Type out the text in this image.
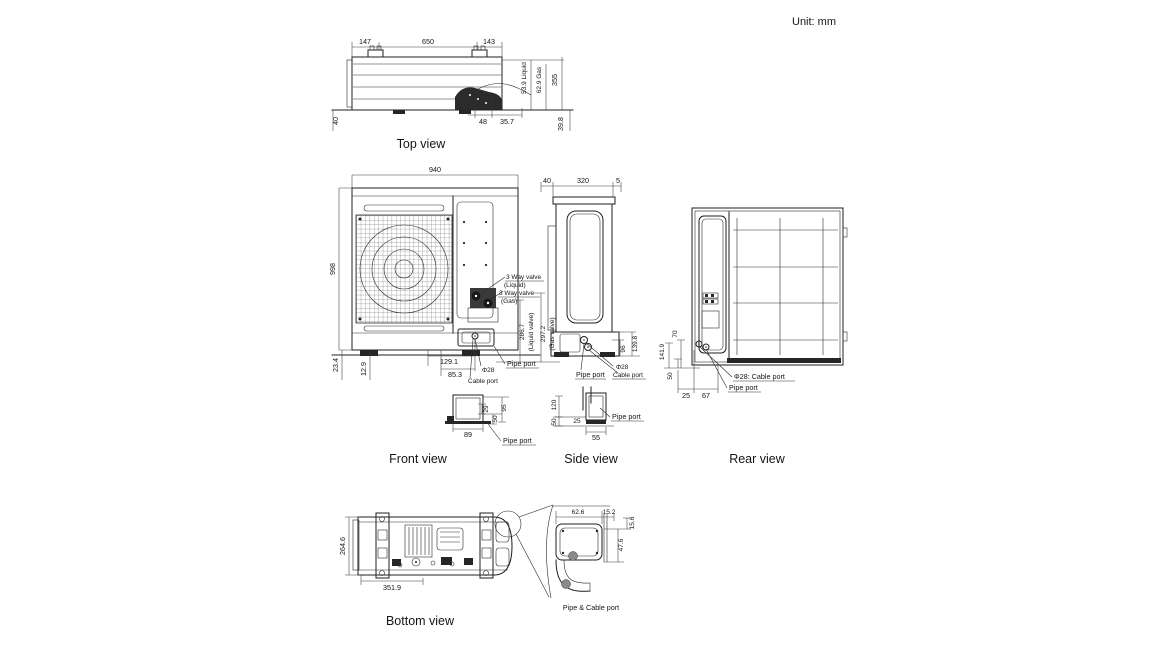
Unit: mm
147	650	143
53.9 Liquid 62.9 Gas 355
40	48 35.7	39.8
Top view
940
998
3 Way valve
(Liquid)
3 Way valve
(Gas)
286.7 (Liquid valve) 297.2 (Gas valve)
129.1
85.3	Φ28
Cable port
Pipe port
23.4	12.9
Front view
29
50
95
89
Pipe port
40	320	5
96 139.8
Pipe port
Φ28
Cable port
Side view
120
50 25
55
Pipe port
141.9
70
50
25 67
Φ28: Cable port
Pipe port
Rear view
264.6
351.9
Bottom view
62.6	15.2
15.6
47.6
Pipe & Cable port
